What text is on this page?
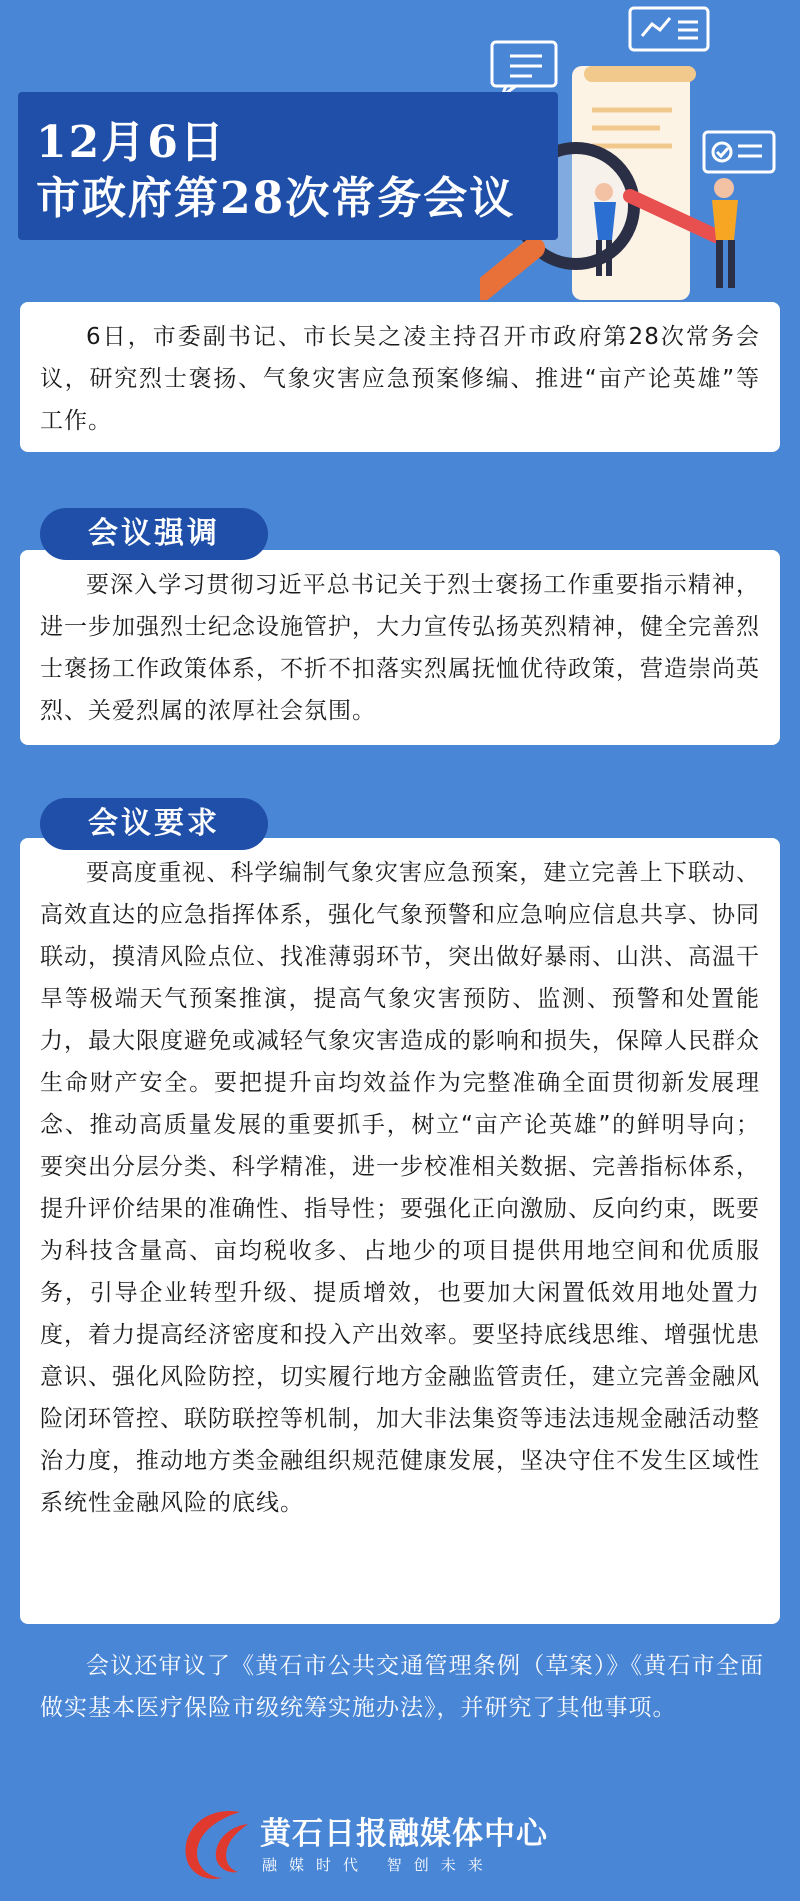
12月6日
市政府第28次常务会议

6日，市委副书记、市长吴之凌主持召开市政府第28次常务会议，研究烈士褒扬、气象灾害应急预案修编、推进“亩产论英雄”等工作。

要深入学习贯彻习近平总书记关于烈士褒扬工作重要指示精神，进一步加强烈士纪念设施管护，大力宣传弘扬英烈精神，健全完善烈士褒扬工作政策体系，不折不扣落实烈属抚恤优待政策，营造崇尚英烈、关爱烈属的浓厚社会氛围。

会议强调

要高度重视、科学编制气象灾害应急预案，建立完善上下联动、高效直达的应急指挥体系，强化气象预警和应急响应信息共享、协同联动，摸清风险点位、找准薄弱环节，突出做好暴雨、山洪、高温干旱等极端天气预案推演，提高气象灾害预防、监测、预警和处置能力，最大限度避免或减轻气象灾害造成的影响和损失，保障人民群众生命财产安全。要把提升亩均效益作为完整准确全面贯彻新发展理念、推动高质量发展的重要抓手，树立“亩产论英雄”的鲜明导向；要突出分层分类、科学精准，进一步校准相关数据、完善指标体系，提升评价结果的准确性、指导性；要强化正向激励、反向约束，既要为科技含量高、亩均税收多、占地少的项目提供用地空间和优质服务，引导企业转型升级、提质增效，也要加大闲置低效用地处置力度，着力提高经济密度和投入产出效率。要坚持底线思维、增强忧患意识、强化风险防控，切实履行地方金融监管责任，建立完善金融风险闭环管控、联防联控等机制，加大非法集资等违法违规金融活动整治力度，推动地方类金融组织规范健康发展，坚决守住不发生区域性系统性金融风险的底线。

会议要求

会议还审议了《黄石市公共交通管理条例（草案）》《黄石市全面做实基本医疗保险市级统筹实施办法》，并研究了其他事项。

黄石日报融媒体中心
融媒时代 智创未来
